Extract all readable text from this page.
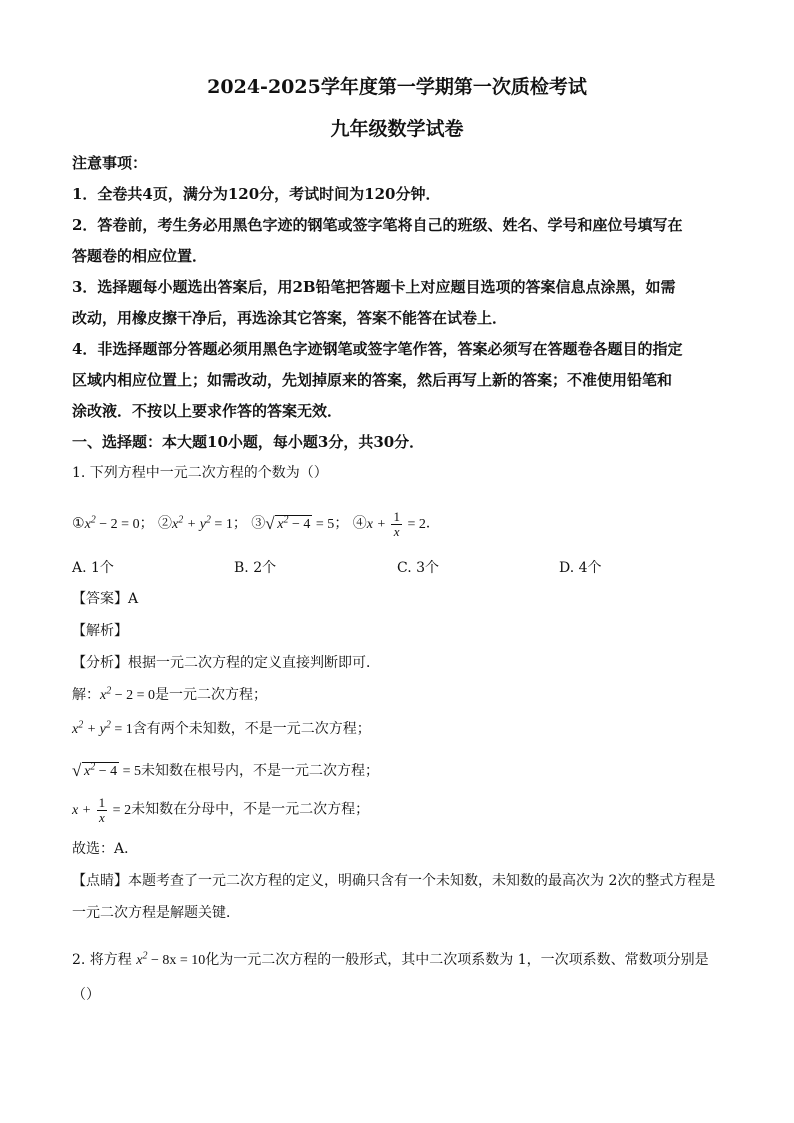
2024-2025学年度第一学期第一次质检考试
九年级数学试卷
注意事项：
1．全卷共4页，满分为120分，考试时间为120分钟．
2．答卷前，考生务必用黑色字迹的钢笔或签字笔将自己的班级、姓名、学号和座位号填写在
答题卷的相应位置．
3．选择题每小题选出答案后，用2B铅笔把答题卡上对应题目选项的答案信息点涂黑，如需
改动，用橡皮擦干净后，再选涂其它答案，答案不能答在试卷上．
4．非选择题部分答题必须用黑色字迹钢笔或签字笔作答，答案必须写在答题卷各题目的指定
区域内相应位置上；如需改动，先划掉原来的答案，然后再写上新的答案；不准使用铅笔和
涂改液．不按以上要求作答的答案无效．
一、选择题：本大题10小题，每小题3分，共30分．
1. 下列方程中一元二次方程的个数为（）
$①x^2 - 2 = 0$； $②x^2 + y^2 = 1$； ③ √ $x^2 - 4 = 5$； ④x + $\frac{1}{x} = 2$．
A. 1个	B. 2个	C. 3个	D. 4个
【答案】A
【解析】
【分析】根据一元二次方程的定义直接判断即可．
解：$x^2 - 2 = 0$是一元二次方程；
$x^2 + y^2 = 1$含有两个未知数，不是一元二次方程；
√ $x^2 - 4 = 5$未知数在根号内，不是一元二次方程；
$x + \frac{1}{x} = 2$未知数在分母中，不是一元二次方程；
故选：A．
【点睛】本题考查了一元二次方程的定义，明确只含有一个未知数，未知数的最高次为 2次的整式方程是
一元二次方程是解题关键．
2. 将方程 $x^2 - 8x = 10$化为一元二次方程的一般形式，其中二次项系数为 1，一次项系数、常数项分别是
（）
